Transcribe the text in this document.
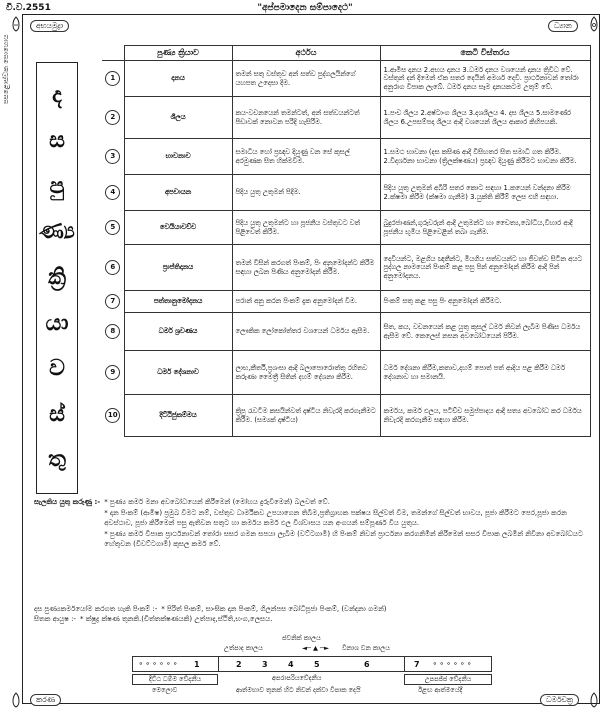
වි.ව.2551	"අප්පමාදෙන සම්පාදෙථ"
පසළොස්වක පොහොය
අභයමුද්‍රා	ධ්‍යාන
කරණ	ධර්මචක්‍ර
ද
ස
පු
ණ්‍ය
ක්‍රි
යා
ව
ස්
තු
	පුණ්‍ය ක්‍රියාව	අර්ථය	කෙටි විස්තරය
1	දානය	තමන් සතු වස්තුව අන් සත්ව පුද්ගලයින්ගේ යහපත උදෙසා දීම.	1.ආමිස දානය 2.අභය දානය 3.ධර්ම දානය වශයෙන් දානය ත්‍රිවිධ වේ. වස්තුන් දන් දීමෙන් ඒක සතර දෙයින් අමර්ශ දෙවී. ප්‍රාර්ථනාවන් තෝරා අනුරාග විපාක ලැබේ. ධර්ම දානය සෑම දානයකටම උතුම් වේ.
2	ශීලය	කය-වචනයෙන් තමන්ටත්, අන් සත්වයන්ටත් පීඩාවක් නොවන පරිදි හැසිරීම.	1.පංච ශීලය 2.අෂ්ටාංග ශීලය 3.දශශීලය 4. දස ශීලය 5.සාමණේර ශීලය 6.උපසම්පදා ශීලය ආදී වශයෙන් ශීලය ආකාර කිහිපයකි.
3	භාවනාව	සමාධිය හෝ ප්‍රඥව දියුණු වන සේ කුසල් අරමුණක සිත හික්මවීම.	1.සමථ භාවනා (දස කසිණ ආදී විසිහතර සිත සමාධි ගත කිරීම. 2.විදර්ශනා භාවනා (ත්‍රිලක්ෂණය) ප්‍රඥව දියුණු කිරීමට භාවනා කිරීම.
4	අපචායන	පිදිය යුතු උතුමන් පිදීම.	පිදිය යුතු උතුමන් අබිරි සතර කොට සඳහා 1.කයෙන් වන්දනා කිරීම 2.ක්ෂමා කිරීම (ක්ෂමා ගැනීම) 3.යුක්ති කිරීම් ලෙස එහි සඳහා.
5	වෙයියාවච්ච	පිදිය යුතු උතුමන්ට හා පූජනීය වස්තුවට වත් පිළිවෙත් කිරීම.	බුදුරජාණන්,ගුරුවරුන් ආදී උතුමන්ට හා චෛත්‍ය,බෝධිය,විහාර ආදී පූජනීය භූමිය පිළිවෙළින් තබා ගැනීම.
6	ප්‍රාප්තිදානය	තමන් විසින් කරගත් පිංකම්, පිං අනුමෝදන්ට කිරීම සඳහා ලබන පිණිය අනුමෝදන් කිරීම.	දෙවියන්ට, මළගිය ඥාතීන්ට, මියගිය සත්වයන්ට හා ජීවත්ව සිටින අයට පුද්ගල නාමයෙන් පිංකම් කළ පසු පින් අනුමෝදන් කිරීම ආදී පින් අනුමෝදනය.
7	පත්තානුමෝදනය	පරාන් අනු කරන පිංකම් දැක අනුමෝදන් වීම.	පිංකම් සතු කළ පසු පිං අනුමෝදන් කිරීමට.
8	ධර්ම ශ්‍රවණය	ලෞකික ලෝකෝත්තර වශයෙන් ධර්මය ඇසීම.	සිත, කය, වචනයෙන් කළ යුතු කුසල් ධර්ම නිවන් ලැබීම පිණිස ධර්මය ඇසීම වේ. කෙලෙස් නසන අවබෝධයෙන් පිරීම.
9	ධර්ම දේශනාව	ලාභ,කීර්ති,ප්‍රශංසා ආදී බලාපොරොත්තු රහිතව කරුණා මෛත්‍රී සිතින් දහම් දේශනා කිරීම.	ධර්ම දේශනා කිරීම,කතාව,දහම් පොත් පත් ආදිය පළ කිරීම ධර්ම දේශනාව හා සමානයි.
10	දිට්ඨිජුකම්මය	ක්‍රිපු රැවටීම කසයින්වත් දෘෂ්ටිය නිවැරදි කරගැනීමට කිරීම. (සම්‍යක් දෘෂ්ටිය)	කර්මය, කර්ම ඵලය, පටිච්ච සමුප්පාදය ආදී සත්‍ය අවබෝධ කර ධර්මය නිවැරදි කරගැනීම සඳහා කිරීම.
සැලකිය යුතු කරුණු :- * පුණ්‍ය කර්ම මනා අවබෝධයෙන් කිරීමෙන් (මෝහය දුරුවීමෙන්) බලවත් වේ.

* දාන පිංකම් (ආමිෂ) ප්‍රමුඛ වීමට නම්, වස්තුව ධාර්මිකව උපයාගෙන තිබීම,ප්‍රතිග්‍රාහක පක්ෂය සිල්වත් වීම, තමන්ගේ සිල්වත් භාවය, පූජා කිරීමට පෙර,පූජා කරන අවස්ථාව, පූජා කිරීමෙන් පසු ඇතිවන සතුට හා කර්මය කර්ම ඵල විශ්වාසය යන අංගයන් සම්පූර්ණ විය යුතුය.

* පුණ්‍ය කර්ම විපාක ප්‍රාර්ථනාවන් තෝරා සසර ගමන සපයා ලැබීම (වට්ටගාමී) හි පිංකම් නිවන් ප්‍රාර්ථනා කරගනිමින් කිරීමෙන් සසර විපාක ලබමින් නිවීනා අවබෝධයට හේතුවන (විවට්ටගාමී) කුසල කර්ම වේ.

දස පුණ්‍යකර්මයෝම කරගත හැකි පිංකම් :- * පිරිත් පිංකම්, සාංඝික දාන පිංකම්, ගිලන්පස බෝධිපූජා පිංකම්, (වන්දනා ගමන්)
සිතක ආයුෂ :- * ක්ෂුද්‍ර ක්ෂණ තුනකි.(චිත්තක්ෂණයකි) උත්පාද,ස්ථිති,භංග,ලෙසය.
ජවනික් කාලය
උත්පාද කාලය	◄─ ▲ ─► විනාශ වන කාලය
⚬⚬⚬⚬⚬⚬ 1	2	3	4	5	6	7 ⚬⚬⚬⚬⚬⚬
දිට්ඨ ධම්ම වේදනීය	අපරාපරියවේදනීය	උපපජ්ජ වේදනීය
මෙලොව	ආත්මභාව තුනක් හිට නිවන් දක්වා විපාක දෙයි	ඊළඟ ආත්මයේදී
